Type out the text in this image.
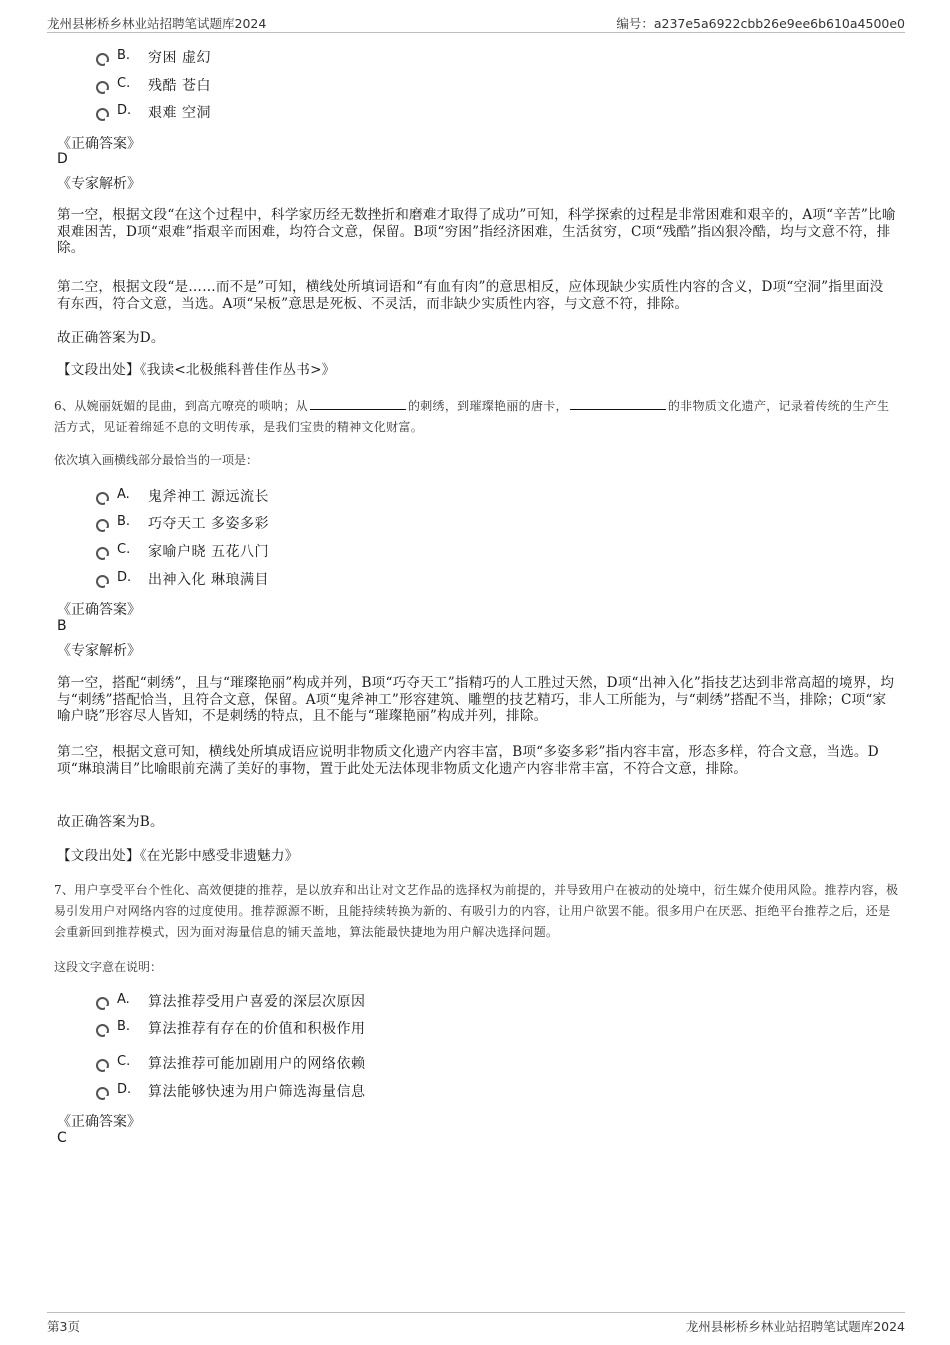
龙州县彬桥乡林业站招聘笔试题库2024	编号：a237e5a6922cbb26e9ee6b610a4500e0
B. 穷困 虚幻
C. 残酷 苍白
D. 艰难 空洞
《正确答案》
D
《专家解析》
第一空，根据文段“在这个过程中，科学家历经无数挫折和磨难才取得了成功”可知，科学探索的过程是非常困难和艰辛的，A项“辛苦”比喻艰难困苦，D项“艰难”指艰辛而困难，均符合文意，保留。B项“穷困”指经济困难，生活贫穷，C项“残酷”指凶狠冷酷，均与文意不符，排除。
第二空，根据文段“是……而不是”可知，横线处所填词语和“有血有肉”的意思相反，应体现缺少实质性内容的含义，D项“空洞”指里面没有东西，符合文意，当选。A项“呆板”意思是死板、不灵活，而非缺少实质性内容，与文意不符，排除。
故正确答案为D。
【文段出处】《我读<北极熊科普佳作丛书>》
6、从婉丽妩媚的昆曲，到高亢嘹亮的唢呐；从	的刺绣，到璀璨艳丽的唐卡，	的非物质文化遗产，记录着传统的生产生活方式，见证着绵延不息的文明传承，是我们宝贵的精神文化财富。
依次填入画横线部分最恰当的一项是：
A. 鬼斧神工 源远流长
B. 巧夺天工 多姿多彩
C. 家喻户晓 五花八门
D. 出神入化 琳琅满目
《正确答案》
B
《专家解析》
第一空，搭配“刺绣”，且与“璀璨艳丽”构成并列，B项“巧夺天工”指精巧的人工胜过天然，D项“出神入化”指技艺达到非常高超的境界，均与“刺绣”搭配恰当，且符合文意，保留。A项“鬼斧神工”形容建筑、雕塑的技艺精巧，非人工所能为，与“刺绣”搭配不当，排除；C项“家喻户晓”形容尽人皆知，不是刺绣的特点，且不能与“璀璨艳丽”构成并列，排除。
第二空，根据文意可知，横线处所填成语应说明非物质文化遗产内容丰富，B项“多姿多彩”指内容丰富，形态多样，符合文意，当选。D项“琳琅满目”比喻眼前充满了美好的事物，置于此处无法体现非物质文化遗产内容非常丰富，不符合文意，排除。
故正确答案为B。
【文段出处】《在光影中感受非遗魅力》
7、用户享受平台个性化、高效便捷的推荐，是以放弃和出让对文艺作品的选择权为前提的，并导致用户在被动的处境中，衍生媒介使用风险。推荐内容，极易引发用户对网络内容的过度使用。推荐源源不断，且能持续转换为新的、有吸引力的内容，让用户欲罢不能。很多用户在厌恶、拒绝平台推荐之后，还是会重新回到推荐模式，因为面对海量信息的铺天盖地，算法能最快捷地为用户解决选择问题。
这段文字意在说明：
A. 算法推荐受用户喜爱的深层次原因
B. 算法推荐有存在的价值和积极作用
C. 算法推荐可能加剧用户的网络依赖
D. 算法能够快速为用户筛选海量信息
《正确答案》
C
第3页	龙州县彬桥乡林业站招聘笔试题库2024
